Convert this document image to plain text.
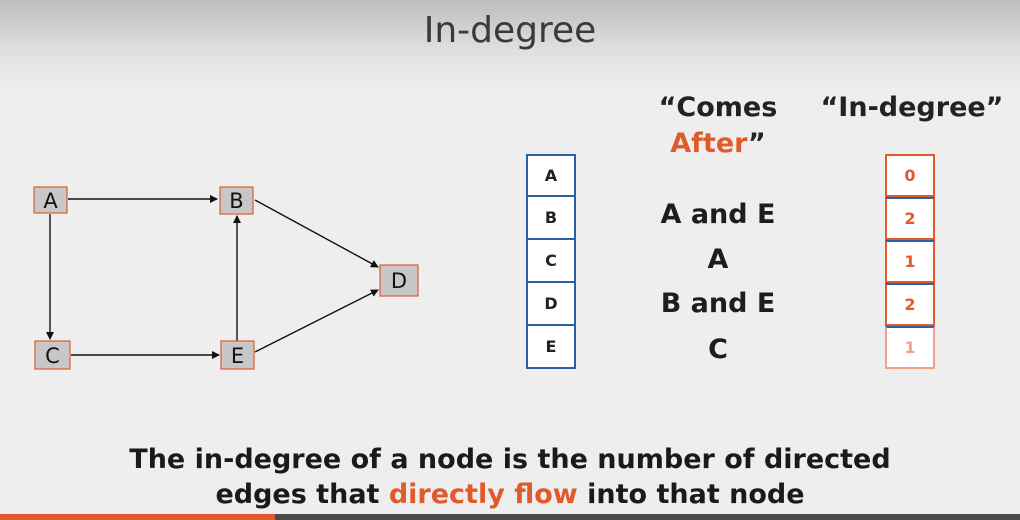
In-degree
A	B
C
D
E
“Comes
After”
“In-degree”
A
B
C
D
E
A and E
A
B and E
C
0
2
1
2
1
The in-degree of a node is the number of directed
edges that directly flow into that node
